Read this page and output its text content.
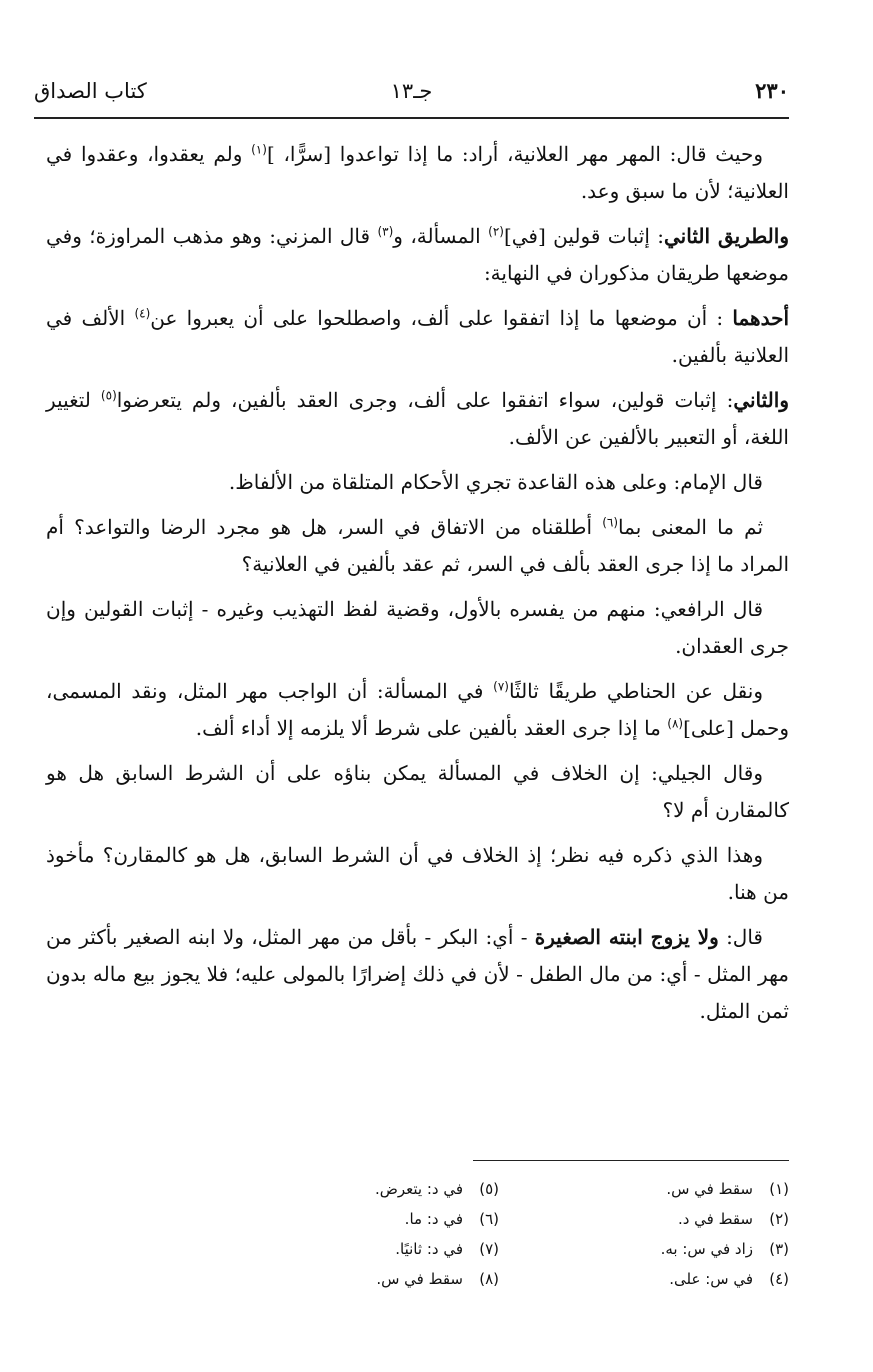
٢٣٠
جـ١٣
كتاب الصداق

وحيث قال: المهر مهر العلانية، أراد: ما إذا تواعدوا [سرًّا، ]$^{(١)}$ ولم يعقدوا، وعقدوا في العلانية؛ لأن ما سبق وعد.

والطريق الثاني: إثبات قولين [في]$^{(٢)}$ المسألة، و$^{(٣)}$ قال المزني: وهو مذهب المراوزة؛ وفي موضعها طريقان مذكوران في النهاية:

أحدهما : أن موضعها ما إذا اتفقوا على ألف، واصطلحوا على أن يعبروا عن$^{(٤)}$ الألف في العلانية بألفين.

والثاني: إثبات قولين، سواء اتفقوا على ألف، وجرى العقد بألفين، ولم يتعرضوا$^{(٥)}$ لتغيير اللغة، أو التعبير بالألفين عن الألف.

قال الإمام: وعلى هذه القاعدة تجري الأحكام المتلقاة من الألفاظ.

ثم ما المعنى بما$^{(٦)}$ أطلقناه من الاتفاق في السر، هل هو مجرد الرضا والتواعد؟ أم المراد ما إذا جرى العقد بألف في السر، ثم عقد بألفين في العلانية؟

قال الرافعي: منهم من يفسره بالأول، وقضية لفظ التهذيب وغيره - إثبات القولين وإن جرى العقدان.

ونقل عن الحناطي طريقًا ثالثًا$^{(٧)}$ في المسألة: أن الواجب مهر المثل، ونقد المسمى، وحمل [على]$^{(٨)}$ ما إذا جرى العقد بألفين على شرط ألا يلزمه إلا أداء ألف.

وقال الجيلي: إن الخلاف في المسألة يمكن بناؤه على أن الشرط السابق هل هو كالمقارن أم لا؟

وهذا الذي ذكره فيه نظر؛ إذ الخلاف في أن الشرط السابق، هل هو كالمقارن؟ مأخوذ من هنا.

قال: ولا يزوج ابنته الصغيرة - أي: البكر - بأقل من مهر المثل، ولا ابنه الصغير بأكثر من مهر المثل - أي: من مال الطفل - لأن في ذلك إضرارًا بالمولى عليه؛ فلا يجوز بيع ماله بدون ثمن المثل.

(١)سقط في س.
(٢)سقط في د.
(٣)زاد في س: به.
(٤)في س: على.
(٥)في د: يتعرض.
(٦)في د: ما.
(٧)في د: ثانيًا.
(٨)سقط في س.
